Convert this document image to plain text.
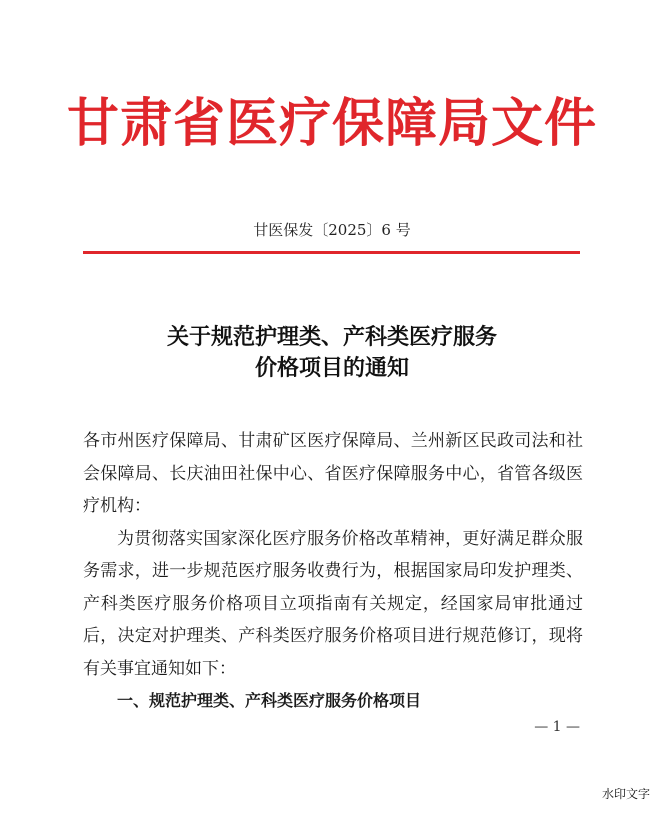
甘肃省医疗保障局文件
甘医保发〔2025〕6 号
关于规范护理类、产科类医疗服务
价格项目的通知

各市州医疗保障局、甘肃矿区医疗保障局、兰州新区民政司法和社会保障局、长庆油田社保中心、省医疗保障服务中心，省管各级医疗机构：

为贯彻落实国家深化医疗服务价格改革精神，更好满足群众服务需求，进一步规范医疗服务收费行为，根据国家局印发护理类、产科类医疗服务价格项目立项指南有关规定，经国家局审批通过后，决定对护理类、产科类医疗服务价格项目进行规范修订，现将有关事宜通知如下：

一、规范护理类、产科类医疗服务价格项目

— 1 —
水印文字
